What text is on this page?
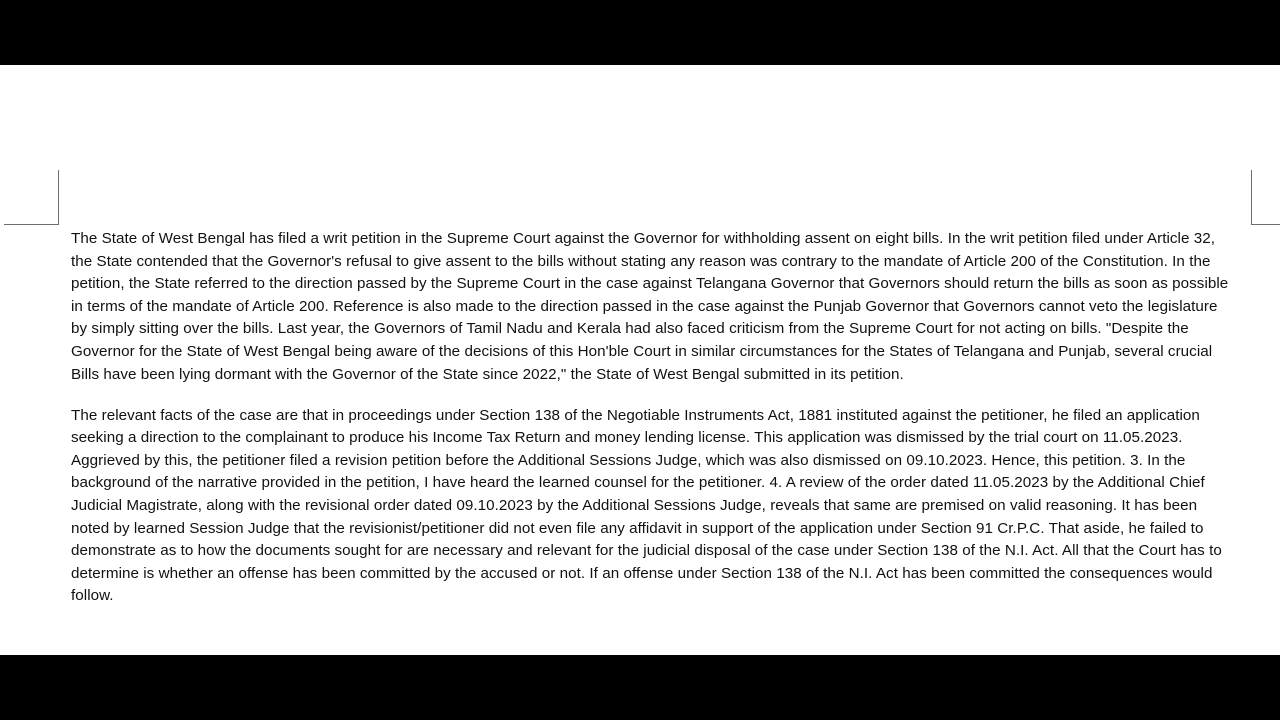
The State of West Bengal has filed a writ petition in the Supreme Court against the Governor for withholding assent on eight bills. In the writ petition filed under Article 32, the State contended that the Governor's refusal to give assent to the bills without stating any reason was contrary to the mandate of Article 200 of the Constitution. In the petition, the State referred to the direction passed by the Supreme Court in the case against Telangana Governor that Governors should return the bills as soon as possible in terms of the mandate of Article 200. Reference is also made to the direction passed in the case against the Punjab Governor that Governors cannot veto the legislature by simply sitting over the bills. Last year, the Governors of Tamil Nadu and Kerala had also faced criticism from the Supreme Court for not acting on bills. "Despite the Governor for the State of West Bengal being aware of the decisions of this Hon'ble Court in similar circumstances for the States of Telangana and Punjab, several crucial Bills have been lying dormant with the Governor of the State since 2022," the State of West Bengal submitted in its petition.

The relevant facts of the case are that in proceedings under Section 138 of the Negotiable Instruments Act, 1881 instituted against the petitioner, he filed an application seeking a direction to the complainant to produce his Income Tax Return and money lending license. This application was dismissed by the trial court on 11.05.2023. Aggrieved by this, the petitioner filed a revision petition before the Additional Sessions Judge, which was also dismissed on 09.10.2023. Hence, this petition. 3. In the background of the narrative provided in the petition, I have heard the learned counsel for the petitioner. 4. A review of the order dated 11.05.2023 by the Additional Chief Judicial Magistrate, along with the revisional order dated 09.10.2023 by the Additional Sessions Judge, reveals that same are premised on valid reasoning. It has been noted by learned Session Judge that the revisionist/petitioner did not even file any affidavit in support of the application under Section 91 Cr.P.C. That aside, he failed to demonstrate as to how the documents sought for are necessary and relevant for the judicial disposal of the case under Section 138 of the N.I. Act. All that the Court has to determine is whether an offense has been committed by the accused or not. If an offense under Section 138 of the N.I. Act has been committed the consequences would follow.
